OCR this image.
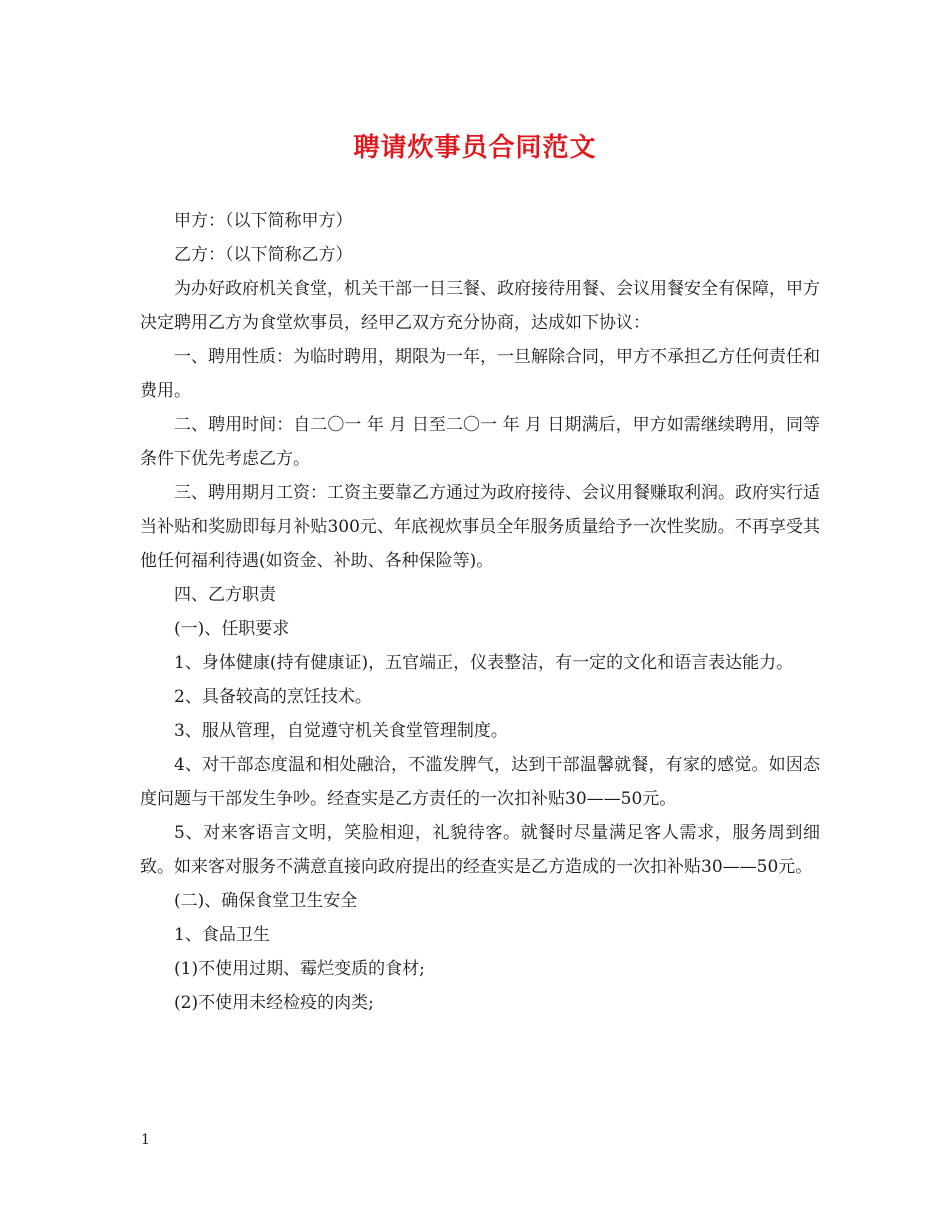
聘请炊事员合同范文

甲方：（以下简称甲方）

乙方：（以下简称乙方）

为办好政府机关食堂，机关干部一日三餐、政府接待用餐、会议用餐安全有保障，甲方决定聘用乙方为食堂炊事员，经甲乙双方充分协商，达成如下协议：

一、聘用性质：为临时聘用，期限为一年，一旦解除合同，甲方不承担乙方任何责任和费用。

二、聘用时间：自二〇一 年 月 日至二〇一 年 月 日期满后，甲方如需继续聘用，同等条件下优先考虑乙方。

三、聘用期月工资：工资主要靠乙方通过为政府接待、会议用餐赚取利润。政府实行适当补贴和奖励即每月补贴300元、年底视炊事员全年服务质量给予一次性奖励。不再享受其他任何福利待遇(如资金、补助、各种保险等)。

四、乙方职责

(一)、任职要求

1、身体健康(持有健康证)，五官端正，仪表整洁，有一定的文化和语言表达能力。

2、具备较高的烹饪技术。

3、服从管理，自觉遵守机关食堂管理制度。

4、对干部态度温和相处融洽，不滥发脾气，达到干部温馨就餐，有家的感觉。如因态度问题与干部发生争吵。经查实是乙方责任的一次扣补贴30——50元。

5、对来客语言文明，笑脸相迎，礼貌待客。就餐时尽量满足客人需求，服务周到细致。如来客对服务不满意直接向政府提出的经查实是乙方造成的一次扣补贴30——50元。

(二)、确保食堂卫生安全

1、食品卫生

(1)不使用过期、霉烂变质的食材;

(2)不使用未经检疫的肉类;

1
